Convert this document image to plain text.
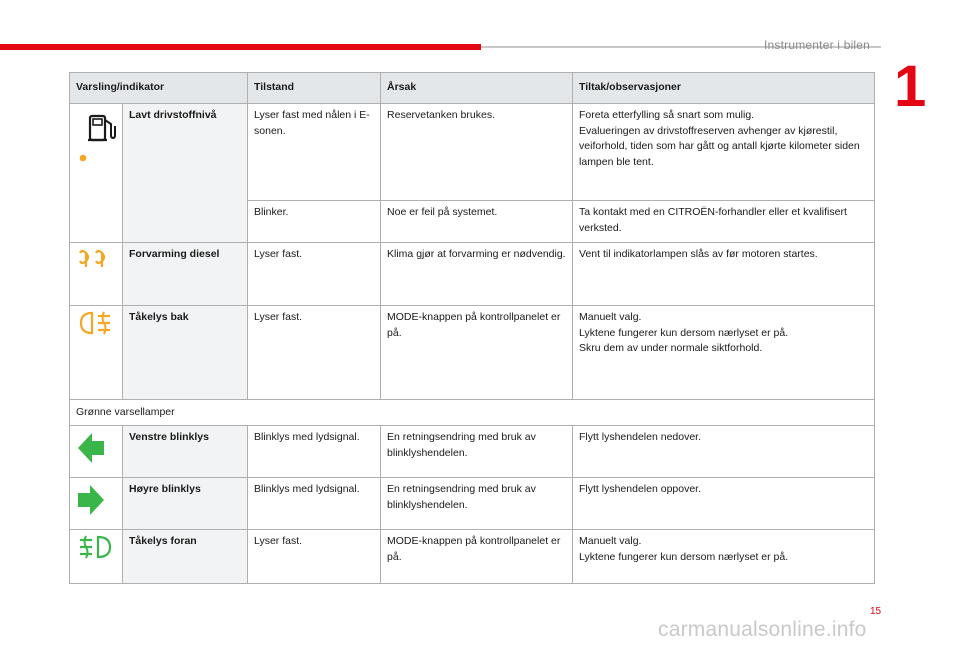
Instrumenter i bilen
1
Varsling/indikator		Tilstand	Årsak	Tiltak/observasjoner
	Lavt drivstoffnivå	Lyser fast med nålen i E-sonen.	Reservetanken brukes.	Foreta etterfylling så snart som mulig.
Evalueringen av drivstoffreserven avhenger av kjørestil, veiforhold, tiden som har gått og antall kjørte kilometer siden lampen ble tent.
		Blinker.	Noe er feil på systemet.	Ta kontakt med en CITROËN-forhandler eller et kvalifisert verksted.
	Forvarming diesel	Lyser fast.	Klima gjør at forvarming er nødvendig.	Vent til indikatorlampen slås av før motoren startes.
	Tåkelys bak	Lyser fast.	MODE-knappen på kontrollpanelet er på.	Manuelt valg.
Lyktene fungerer kun dersom nærlyset er på.
Skru dem av under normale siktforhold.
Grønne varsellamper				
	Venstre blinklys	Blinklys med lydsignal.	En retningsendring med bruk av blinklyshendelen.	Flytt lyshendelen nedover.
	Høyre blinklys	Blinklys med lydsignal.	En retningsendring med bruk av blinklyshendelen.	Flytt lyshendelen oppover.
	Tåkelys foran	Lyser fast.	MODE-knappen på kontrollpanelet er på.	Manuelt valg.
Lyktene fungerer kun dersom nærlyset er på.
15
carmanualsonline.info
